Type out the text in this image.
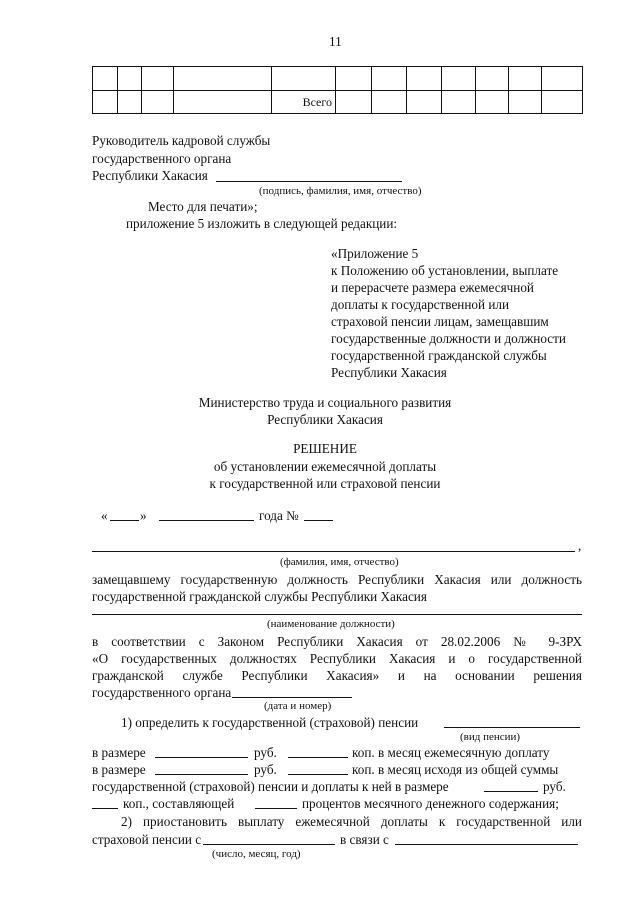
11
Всего
Руководитель кадровой службы
государственного органа
Республики Хакасия
(подпись, фамилия, имя, отчество)
Место для печати»;
приложение 5 изложить в следующей редакции:
«Приложение 5
к Положению об установлении, выплате
и перерасчете размера ежемесячной
доплаты к государственной или
страховой пенсии лицам, замещавшим
государственные должности и должности
государственной гражданской службы
Республики Хакасия
Министерство труда и социального развития
Республики Хакасия
РЕШЕНИЕ
об установлении ежемесячной доплаты
к государственной или страховой пенсии
« »	года №
,
(фамилия, имя, отчество)
замещавшему государственную должность Республики Хакасия или должность
государственной гражданской службы Республики Хакасия
(наименование должности)
в соответствии с Законом Республики Хакасия от 28.02.2006 № 9-ЗРХ
«О государственных должностях Республики Хакасия и о государственной
гражданской службе Республики Хакасия» и на основании решения
государственного органа
(дата и номер)
1) определить к государственной (страховой) пенсии
(вид пенсии)
в размере	руб.	коп. в месяц ежемесячную доплату
в размере	руб.	коп. в месяц исходя из общей суммы
государственной (страховой) пенсии и доплаты к ней в размере	руб.
коп., составляющей	процентов месячного денежного содержания;
2) приостановить выплату ежемесячной доплаты к государственной или
страховой пенсии с	в связи с
(число, месяц, год)
